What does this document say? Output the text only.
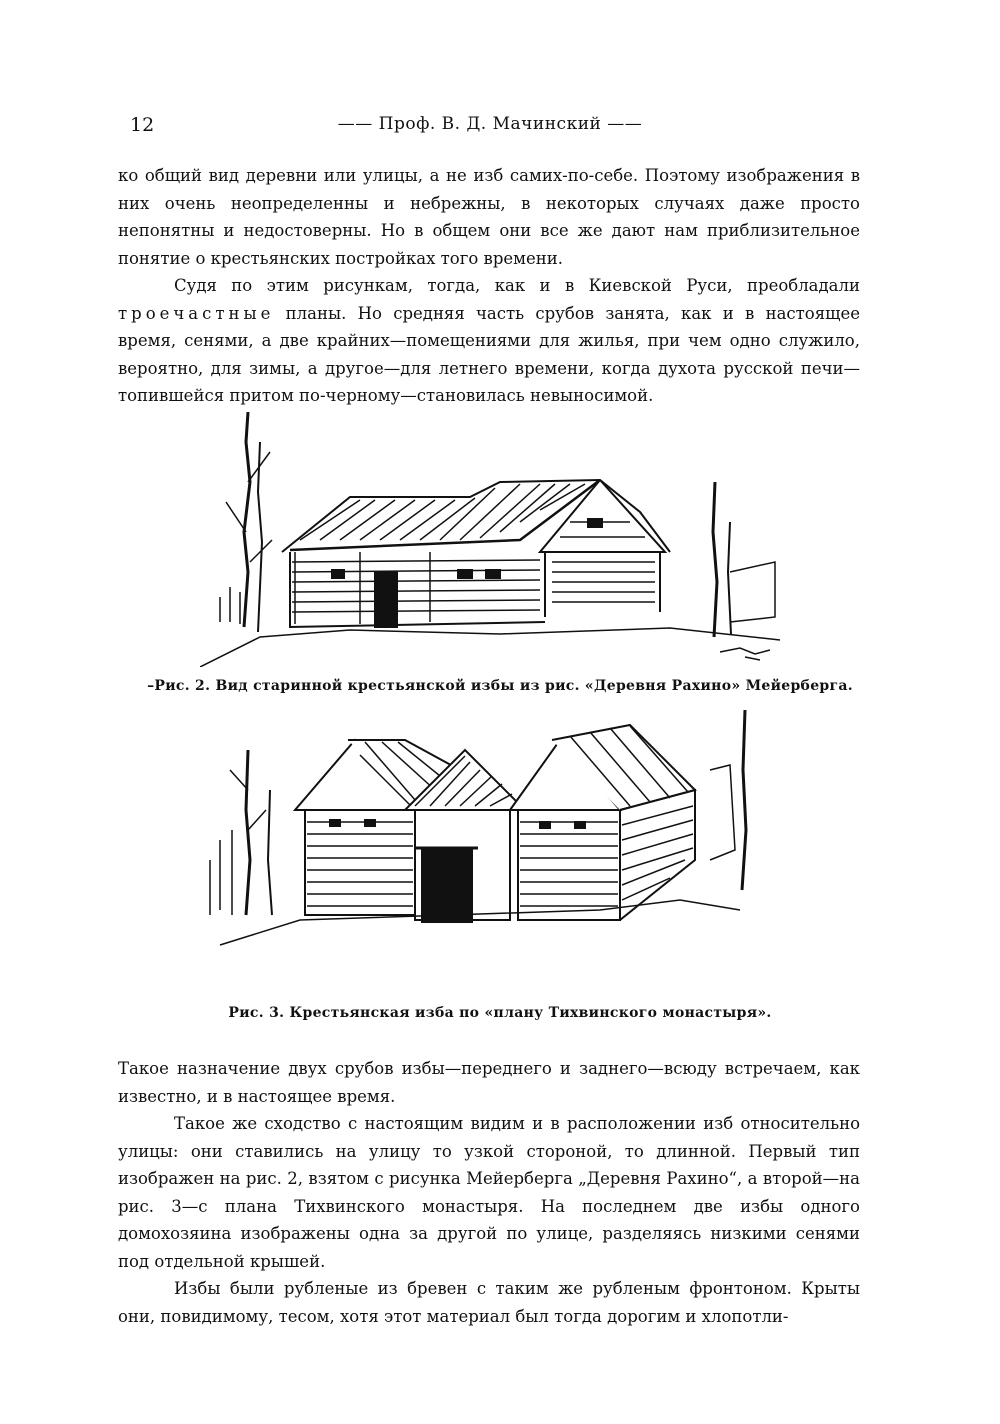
12	—— Проф. В. Д. Мачинский ——

ко общий вид деревни или улицы, а не изб самих-по-себе. Поэтому изображения в них очень неопределенны и небрежны, в некоторых случаях даже просто непонятны и недостоверны. Но в общем они все же дают нам приблизительное понятие о крестьянских постройках того времени.

Судя по этим рисункам, тогда, как и в Киевской Руси, преобладали троечастные планы. Но средняя часть срубов занята, как и в настоящее время, сенями, а две крайних—помещениями для жилья, при чем одно служило, вероятно, для зимы, а другое—для летнего времени, когда духота русской печи—топившейся притом по-черному—становилась невыносимой.

–Рис. 2. Вид старинной крестьянской избы из рис. «Деревня Рахино» Мейерберга.
Рис. 3. Крестьянская изба по «плану Тихвинского монастыря».

Такое назначение двух срубов избы—переднего и заднего—всюду встречаем, как известно, и в настоящее время.

Такое же сходство с настоящим видим и в расположении изб относительно улицы: они ставились на улицу то узкой стороной, то длинной. Первый тип изображен на рис. 2, взятом с рисунка Мейерберга „Деревня Рахино“, а второй—на рис. 3—с плана Тихвинского монастыря. На последнем две избы одного домохозяина изображены одна за другой по улице, разделяясь низкими сенями под отдельной крышей.

Избы были рубленые из бревен с таким же рубленым фронтоном. Крыты они, повидимому, тесом, хотя этот материал был тогда дорогим и хлопотли-
